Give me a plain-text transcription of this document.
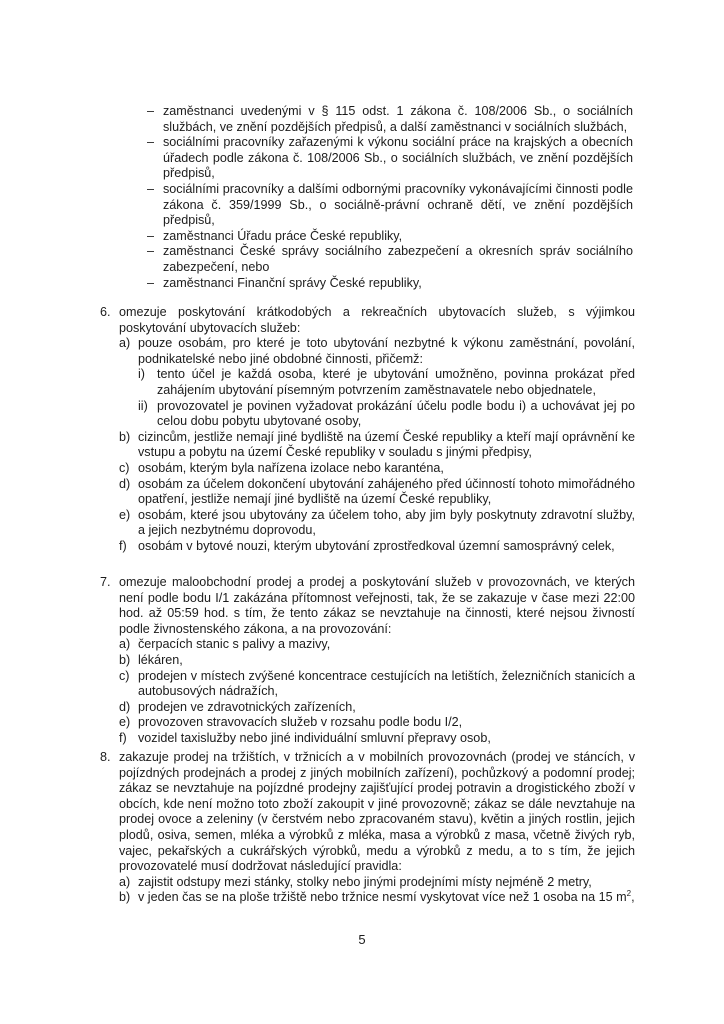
– zaměstnanci uvedenými v § 115 odst. 1 zákona č. 108/2006 Sb., o sociálních službách, ve znění pozdějších předpisů, a další zaměstnanci v sociálních službách,
– sociálními pracovníky zařazenými k výkonu sociální práce na krajských a obecních úřadech podle zákona č. 108/2006 Sb., o sociálních službách, ve znění pozdějších předpisů,
– sociálními pracovníky a dalšími odbornými pracovníky vykonávajícími činnosti podle zákona č. 359/1999 Sb., o sociálně-právní ochraně dětí, ve znění pozdějších předpisů,
– zaměstnanci Úřadu práce České republiky,
– zaměstnanci České správy sociálního zabezpečení a okresních správ sociálního zabezpečení, nebo
– zaměstnanci Finanční správy České republiky,
6. omezuje poskytování krátkodobých a rekreačních ubytovacích služeb, s výjimkou poskytování ubytovacích služeb:
a) pouze osobám, pro které je toto ubytování nezbytné k výkonu zaměstnání, povolání, podnikatelské nebo jiné obdobné činnosti, přičemž:
i) tento účel je každá osoba, které je ubytování umožněno, povinna prokázat před zahájením ubytování písemným potvrzením zaměstnavatele nebo objednatele,
ii) provozovatel je povinen vyžadovat prokázání účelu podle bodu i) a uchovávat jej po celou dobu pobytu ubytované osoby,
b) cizincům, jestliže nemají jiné bydliště na území České republiky a kteří mají oprávnění ke vstupu a pobytu na území České republiky v souladu s jinými předpisy,
c) osobám, kterým byla nařízena izolace nebo karanténa,
d) osobám za účelem dokončení ubytování zahájeného před účinností tohoto mimořádného opatření, jestliže nemají jiné bydliště na území České republiky,
e) osobám, které jsou ubytovány za účelem toho, aby jim byly poskytnuty zdravotní služby, a jejich nezbytnému doprovodu,
f) osobám v bytové nouzi, kterým ubytování zprostředkoval územní samosprávný celek,
7. omezuje maloobchodní prodej a prodej a poskytování služeb v provozovnách, ve kterých není podle bodu I/1 zakázána přítomnost veřejnosti, tak, že se zakazuje v čase mezi 22:00 hod. až 05:59 hod. s tím, že tento zákaz se nevztahuje na činnosti, které nejsou živností podle živnostenského zákona, a na provozování:
a) čerpacích stanic s palivy a mazivy,
b) lékáren,
c) prodejen v místech zvýšené koncentrace cestujících na letištích, železničních stanicích a autobusových nádražích,
d) prodejen ve zdravotnických zařízeních,
e) provozoven stravovacích služeb v rozsahu podle bodu I/2,
f) vozidel taxislužby nebo jiné individuální smluvní přepravy osob,
8. zakazuje prodej na tržištích, v tržnicích a v mobilních provozovnách (prodej ve stáncích, v pojízdných prodejnách a prodej z jiných mobilních zařízení), pochůzkový a podomní prodej; zákaz se nevztahuje na pojízdné prodejny zajišťující prodej potravin a drogistického zboží v obcích, kde není možno toto zboží zakoupit v jiné provozovně; zákaz se dále nevztahuje na prodej ovoce a zeleniny (v čerstvém nebo zpracovaném stavu), květin a jiných rostlin, jejich plodů, osiva, semen, mléka a výrobků z mléka, masa a výrobků z masa, včetně živých ryb, vajec, pekařských a cukrářských výrobků, medu a výrobků z medu, a to s tím, že jejich provozovatelé musí dodržovat následující pravidla:
a) zajistit odstupy mezi stánky, stolky nebo jinými prodejními místy nejméně 2 metry,
b) v jeden čas se na ploše tržiště nebo tržnice nesmí vyskytovat více než 1 osoba na 15 $m^2$,
5
